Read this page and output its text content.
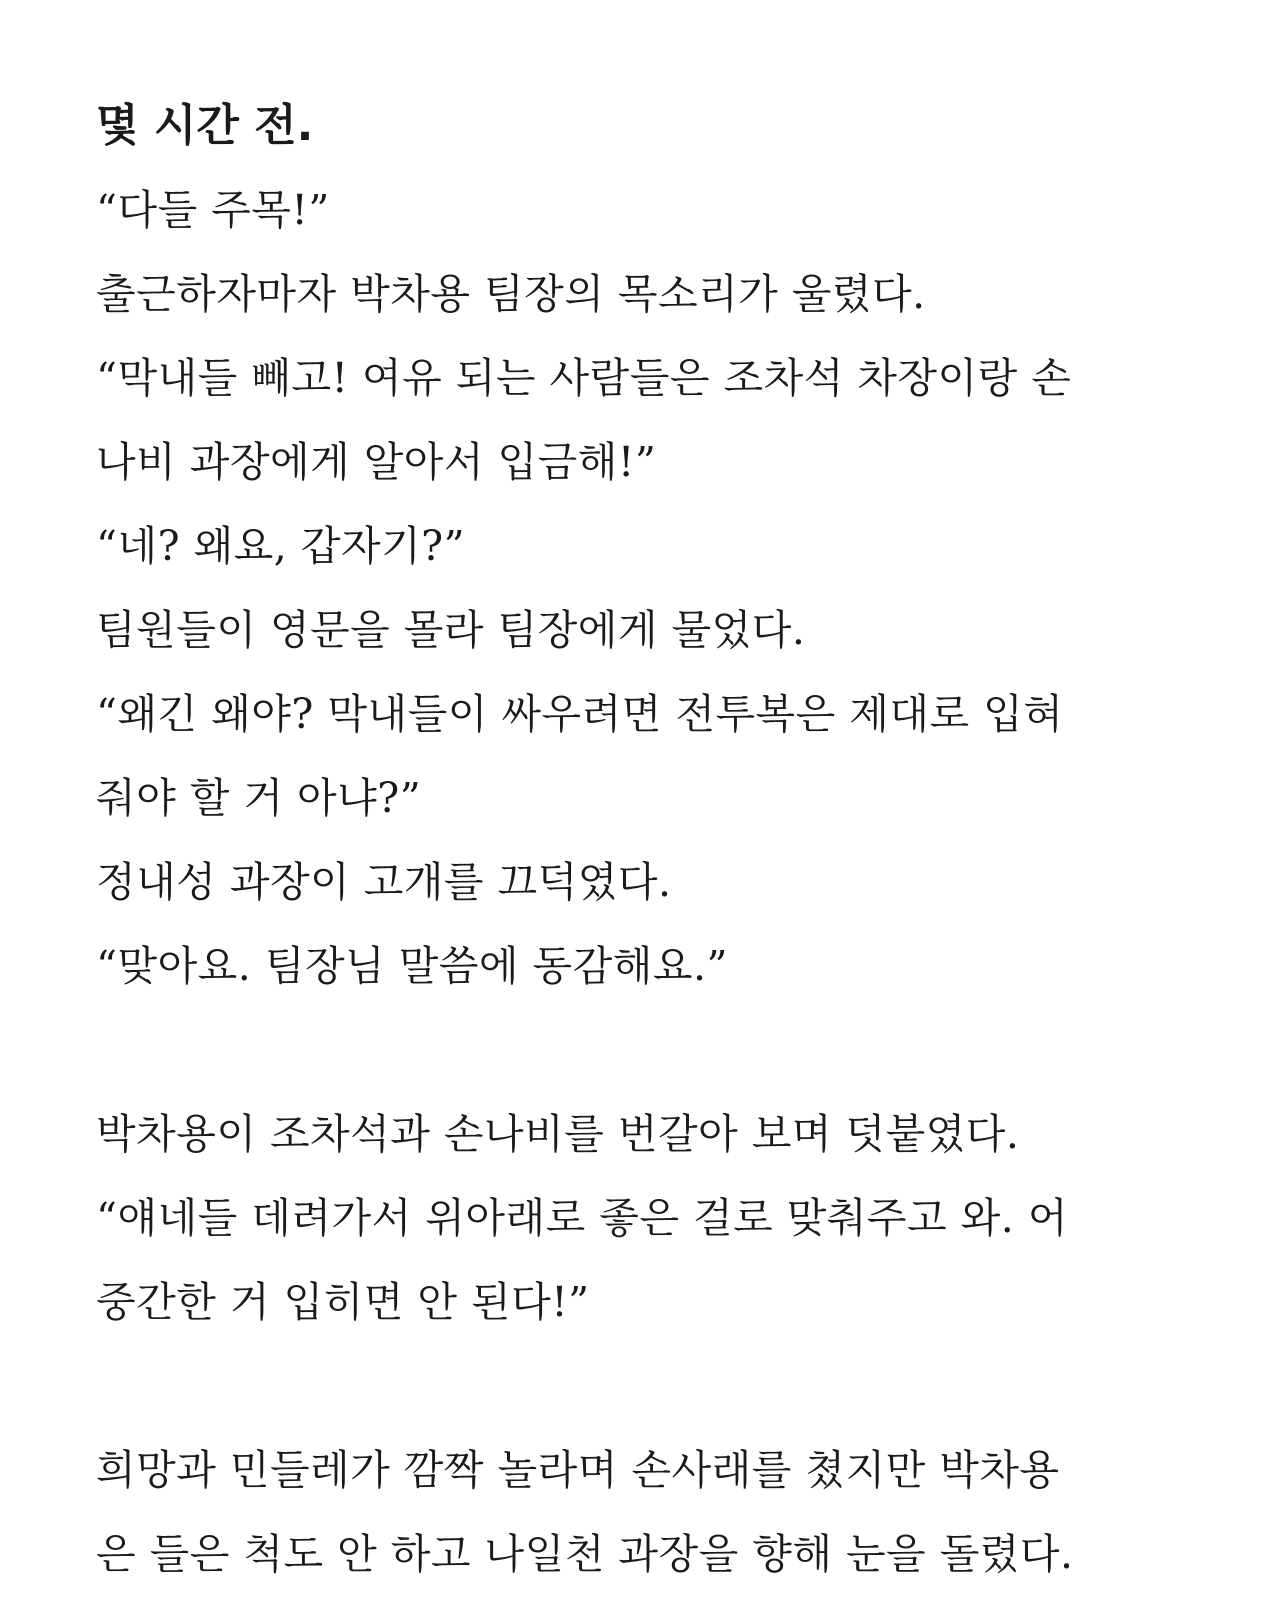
몇 시간 전.

“다들 주목!”

출근하자마자 박차용 팀장의 목소리가 울렸다.

“막내들 빼고! 여유 되는 사람들은 조차석 차장이랑 손

나비 과장에게 알아서 입금해!”

“네? 왜요, 갑자기?”

팀원들이 영문을 몰라 팀장에게 물었다.

“왜긴 왜야? 막내들이 싸우려면 전투복은 제대로 입혀

줘야 할 거 아냐?”

정내성 과장이 고개를 끄덕였다.

“맞아요. 팀장님 말씀에 동감해요.”

박차용이 조차석과 손나비를 번갈아 보며 덧붙였다.

“얘네들 데려가서 위아래로 좋은 걸로 맞춰주고 와. 어

중간한 거 입히면 안 된다!”

희망과 민들레가 깜짝 놀라며 손사래를 쳤지만 박차용

은 들은 척도 안 하고 나일천 과장을 향해 눈을 돌렸다.
